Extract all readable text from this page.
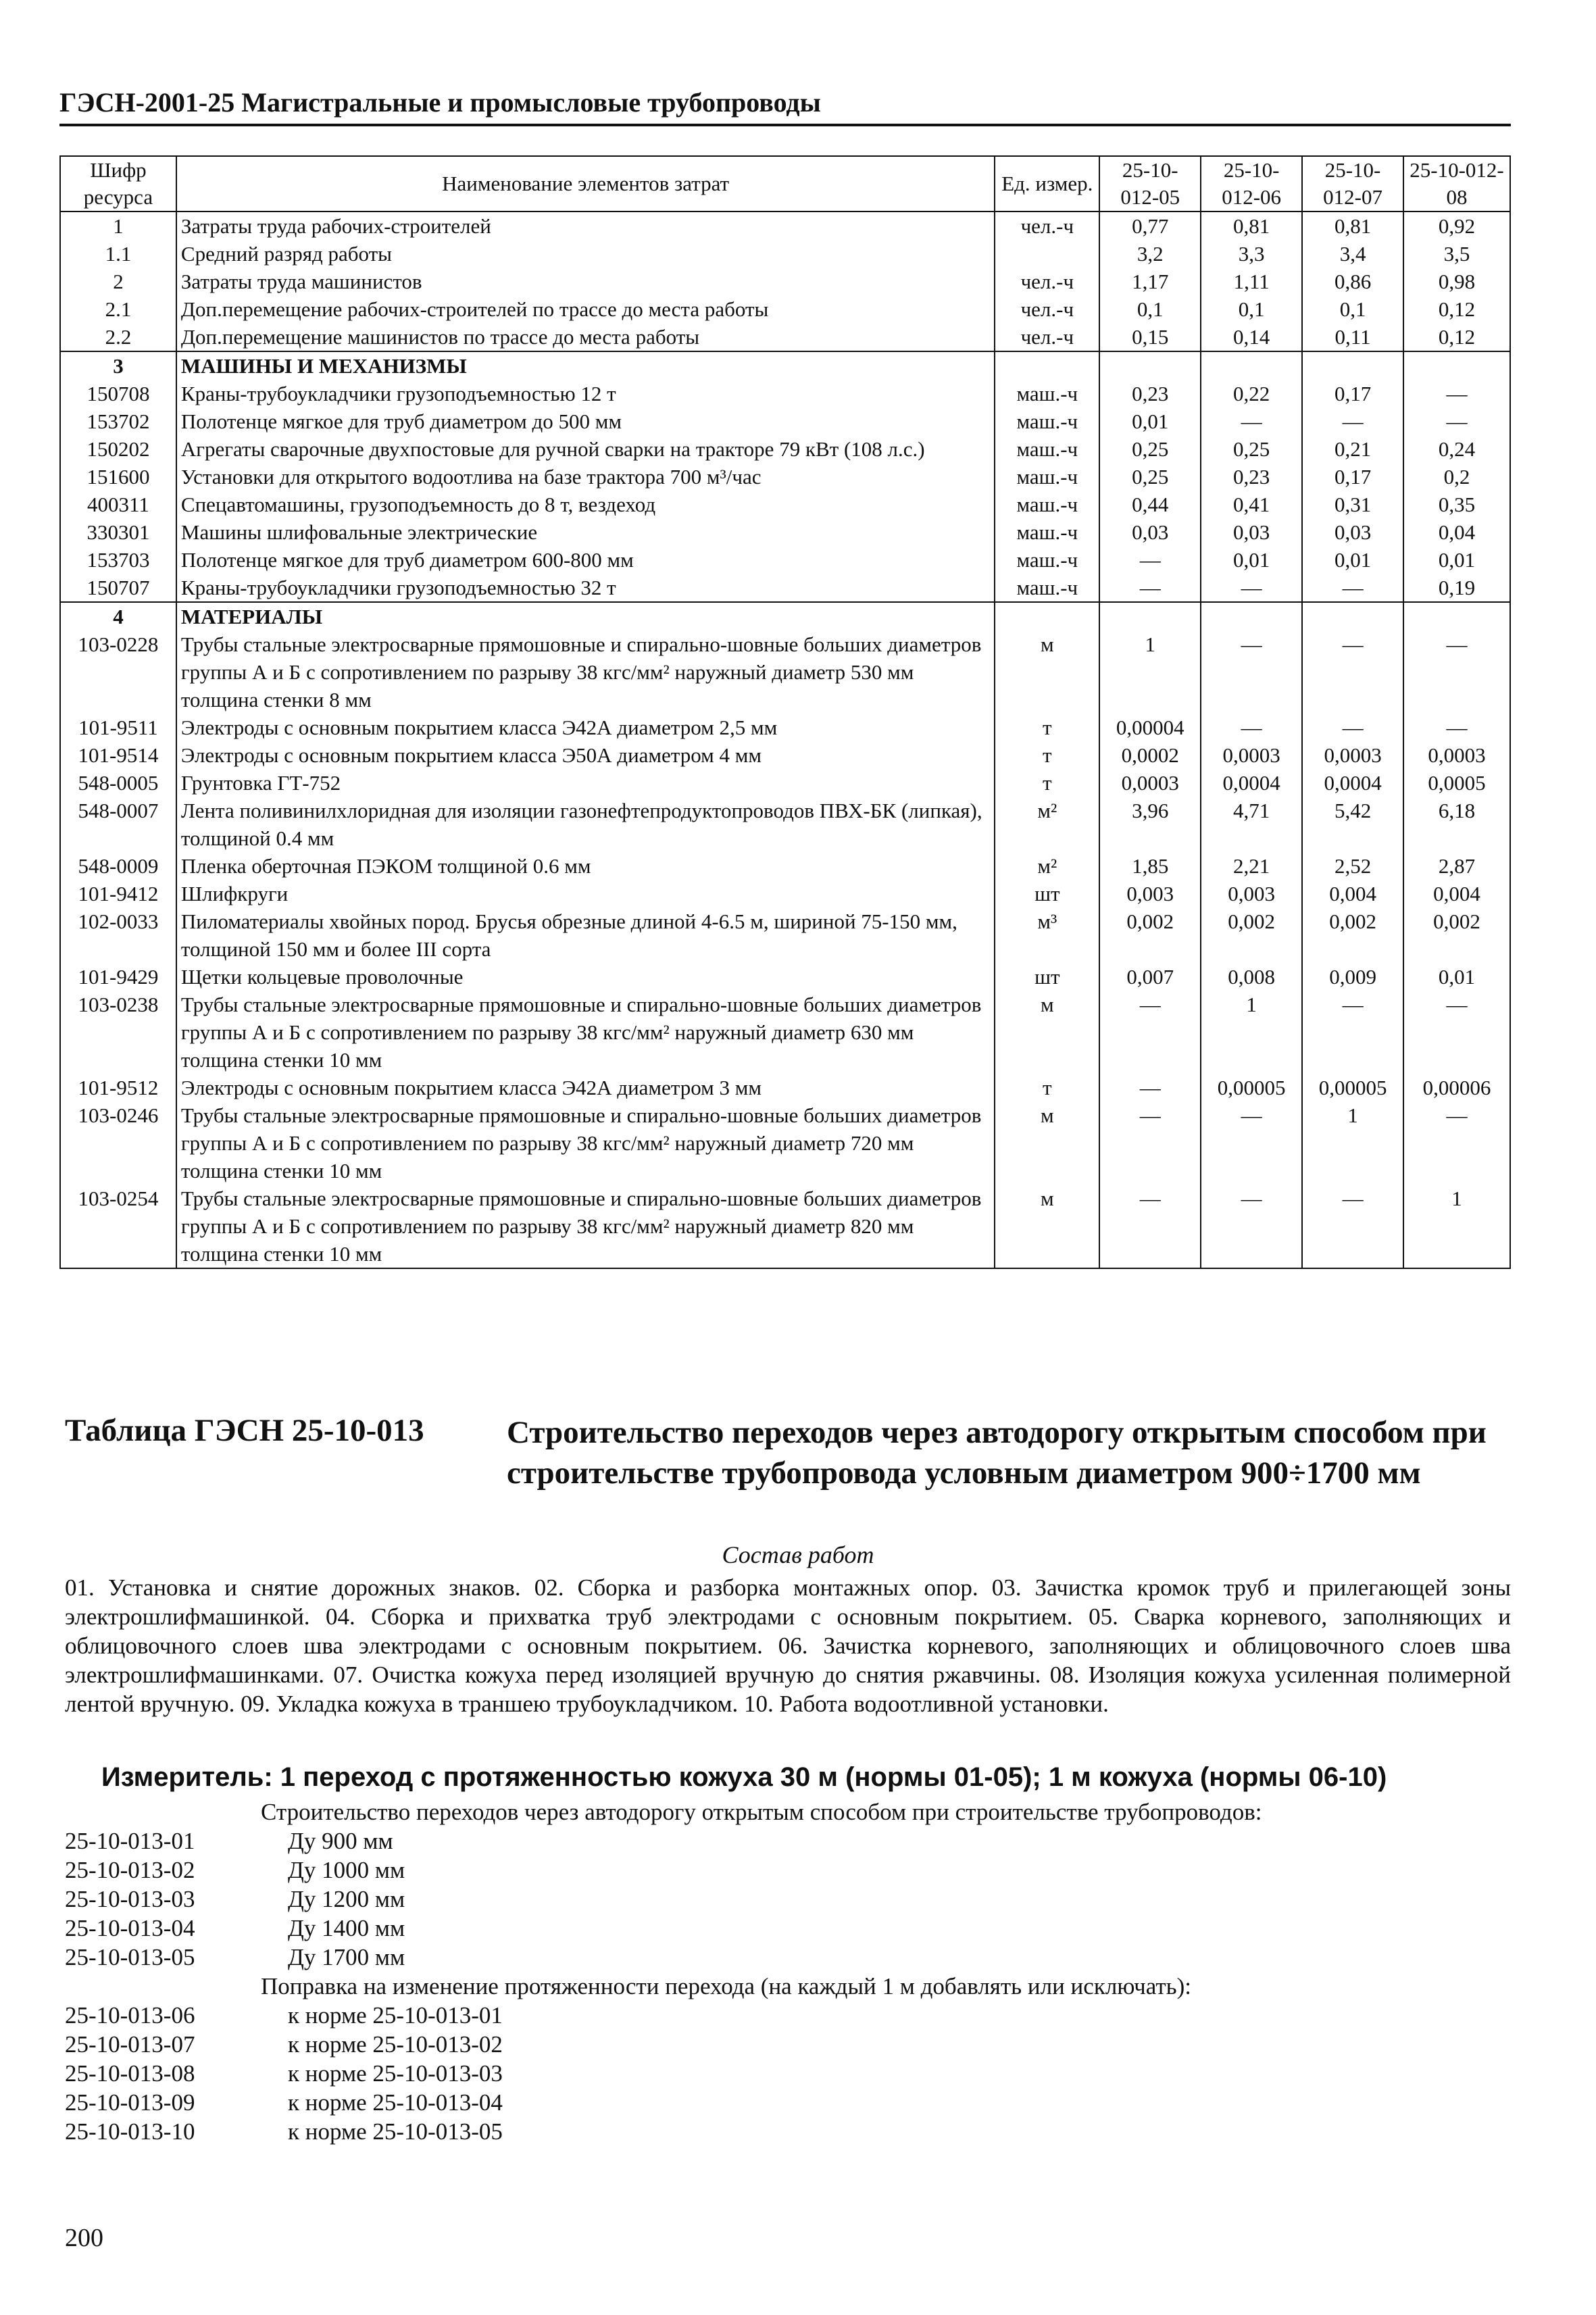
ГЭСН-2001-25 Магистральные и промысловые трубопроводы
Шифр ресурса	Наименование элементов затрат	Ед. измер.	25-10-012-05	25-10-012-06	25-10-012-07	25-10-012-08
1	Затраты труда рабочих-строителей	чел.-ч	0,77	0,81	0,81	0,92
1.1	Средний разряд работы		3,2	3,3	3,4	3,5
2	Затраты труда машинистов	чел.-ч	1,17	1,11	0,86	0,98
2.1	Доп.перемещение рабочих-строителей по трассе до места работы	чел.-ч	0,1	0,1	0,1	0,12
2.2	Доп.перемещение машинистов по трассе до места работы	чел.-ч	0,15	0,14	0,11	0,12
3	МАШИНЫ И МЕХАНИЗМЫ					
150708	Краны-трубоукладчики грузоподъемностью 12 т	маш.-ч	0,23	0,22	0,17	—
153702	Полотенце мягкое для труб диаметром до 500 мм	маш.-ч	0,01	—	—	—
150202	Агрегаты сварочные двухпостовые для ручной сварки на тракторе 79 кВт (108 л.с.)	маш.-ч	0,25	0,25	0,21	0,24
151600	Установки для открытого водоотлива на базе трактора 700 м³/час	маш.-ч	0,25	0,23	0,17	0,2
400311	Спецавтомашины, грузоподъемность до 8 т, вездеход	маш.-ч	0,44	0,41	0,31	0,35
330301	Машины шлифовальные электрические	маш.-ч	0,03	0,03	0,03	0,04
153703	Полотенце мягкое для труб диаметром 600-800 мм	маш.-ч	—	0,01	0,01	0,01
150707	Краны-трубоукладчики грузоподъемностью 32 т	маш.-ч	—	—	—	0,19
4	МАТЕРИАЛЫ					
103-0228	Трубы стальные электросварные прямошовные и спирально-шовные больших диаметров группы А и Б с сопротивлением по разрыву 38 кгс/мм² наружный диаметр 530 мм толщина стенки 8 мм	м	1	—	—	—
101-9511	Электроды с основным покрытием класса Э42А диаметром 2,5 мм	т	0,00004	—	—	—
101-9514	Электроды с основным покрытием класса Э50А диаметром 4 мм	т	0,0002	0,0003	0,0003	0,0003
548-0005	Грунтовка ГТ-752	т	0,0003	0,0004	0,0004	0,0005
548-0007	Лента поливинилхлоридная для изоляции газонефтепродуктопроводов ПВХ-БК (липкая), толщиной 0.4 мм	м²	3,96	4,71	5,42	6,18
548-0009	Пленка оберточная ПЭКОМ толщиной 0.6 мм	м²	1,85	2,21	2,52	2,87
101-9412	Шлифкруги	шт	0,003	0,003	0,004	0,004
102-0033	Пиломатериалы хвойных пород. Брусья обрезные длиной 4-6.5 м, шириной 75-150 мм, толщиной 150 мм и более III сорта	м³	0,002	0,002	0,002	0,002
101-9429	Щетки кольцевые проволочные	шт	0,007	0,008	0,009	0,01
103-0238	Трубы стальные электросварные прямошовные и спирально-шовные больших диаметров группы А и Б с сопротивлением по разрыву 38 кгс/мм² наружный диаметр 630 мм толщина стенки 10 мм	м	—	1	—	—
101-9512	Электроды с основным покрытием класса Э42А диаметром 3 мм	т	—	0,00005	0,00005	0,00006
103-0246	Трубы стальные электросварные прямошовные и спирально-шовные больших диаметров группы А и Б с сопротивлением по разрыву 38 кгс/мм² наружный диаметр 720 мм толщина стенки 10 мм	м	—	—	1	—
103-0254	Трубы стальные электросварные прямошовные и спирально-шовные больших диаметров группы А и Б с сопротивлением по разрыву 38 кгс/мм² наружный диаметр 820 мм толщина стенки 10 мм	м	—	—	—	1
Таблица ГЭСН 25-10-013	Строительство переходов через автодорогу открытым способом при строительстве трубопровода условным диаметром 900÷1700 мм
Состав работ
01. Установка и снятие дорожных знаков. 02. Сборка и разборка монтажных опор. 03. Зачистка кромок труб и прилегающей зоны электрошлифмашинкой. 04. Сборка и прихватка труб электродами с основным покрытием. 05. Сварка корневого, заполняющих и облицовочного слоев шва электродами с основным покрытием. 06. Зачистка корневого, заполняющих и облицовочного слоев шва электрошлифмашинками. 07. Очистка кожуха перед изоляцией вручную до снятия ржавчины. 08. Изоляция кожуха усиленная полимерной лентой вручную. 09. Укладка кожуха в траншею трубоукладчиком. 10. Работа водоотливной установки.
Измеритель: 1 переход с протяженностью кожуха 30 м (нормы 01-05); 1 м кожуха (нормы 06-10)
Строительство переходов через автодорогу открытым способом при строительстве трубопроводов:
25-10-013-01	Ду 900 мм
25-10-013-02	Ду 1000 мм
25-10-013-03	Ду 1200 мм
25-10-013-04	Ду 1400 мм
25-10-013-05	Ду 1700 мм
Поправка на изменение протяженности перехода (на каждый 1 м добавлять или исключать):
25-10-013-06	к норме 25-10-013-01
25-10-013-07	к норме 25-10-013-02
25-10-013-08	к норме 25-10-013-03
25-10-013-09	к норме 25-10-013-04
25-10-013-10	к норме 25-10-013-05
200
